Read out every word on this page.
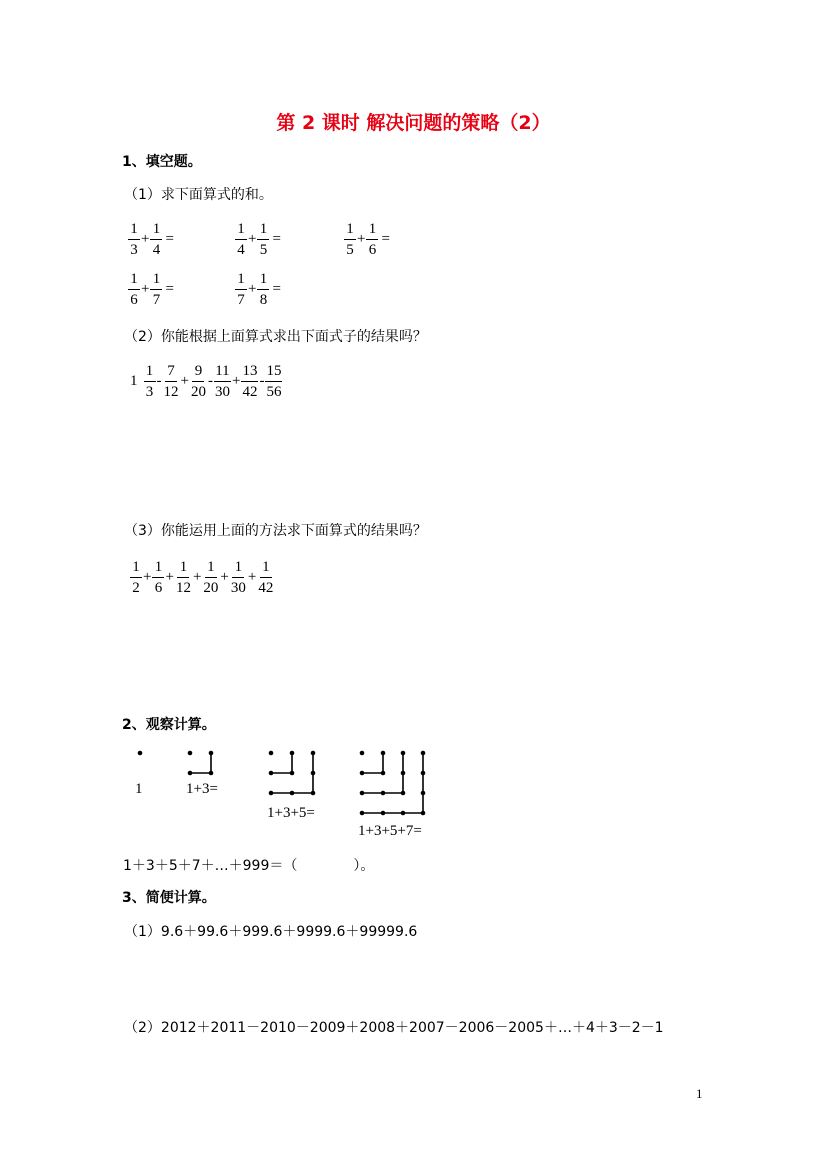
第 2 课时 解决问题的策略（2）
1、填空题。
（1）求下面算式的和。
$\frac{1}{3} + \frac{1}{4}$ =	$\frac{1}{4} + \frac{1}{5}$ =	$\frac{1}{5} + \frac{1}{6}$ =
$\frac{1}{6} + \frac{1}{7}$ =	$\frac{1}{7} + \frac{1}{8}$ =
（2）你能根据上面算式求出下面式子的结果吗？
$1 \frac{1}{3} - \frac{7}{12} + \frac{9}{20} - \frac{11}{30} + \frac{13}{42} - \frac{15}{56}$
（3）你能运用上面的方法求下面算式的结果吗？
$\frac{1}{2} + \frac{1}{6} + \frac{1}{12} + \frac{1}{20} + \frac{1}{30} + \frac{1}{42}$
2、观察计算。
1	1+3=
1+3+5=
1+3+5+7=
1＋3＋5＋7＋…＋999＝（　　　　）。
3、简便计算。
（1）9.6＋99.6＋999.6＋9999.6＋99999.6
（2）2012＋2011－2010－2009＋2008＋2007－2006－2005＋…＋4＋3－2－1
1
